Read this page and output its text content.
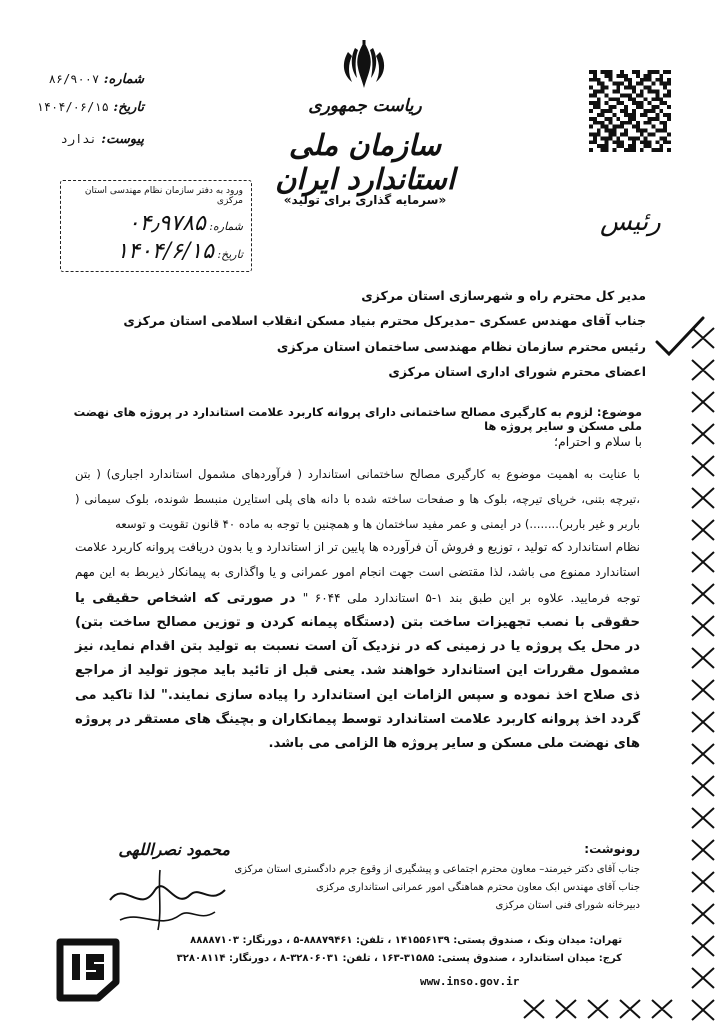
ریاست جمهوری
سازمان ملی استاندارد ایران
«سرمایه گذاری برای تولید»
شماره: ۸۶/۹۰۰۷
تاریخ: ۱۴۰۴/۰۶/۱۵
پیوست: ندارد
ورود به دفتر سازمان نظام مهندسی استان مرکزی
شماره: ۰۴٫۹۷۸۵
تاریخ: ۱۴۰۴/۶/۱۵
رئیس
مدیر کل محترم راه و شهرسازی استان مرکزی
جناب آقای مهندس عسکری –مدیرکل محترم بنیاد مسکن انقلاب اسلامی استان مرکزی
رئیس محترم سازمان نظام مهندسی ساختمان استان مرکزی
اعضای محترم شورای اداری استان مرکزی
موضوع: لزوم به کارگیری مصالح ساختمانی دارای پروانه کاربرد علامت استاندارد در پروژه های نهضت ملی مسکن و سایر پروژه ها
با سلام و احترام؛
با عنایت به اهمیت موضوع به کارگیری مصالح ساختمانی استاندارد ( فرآوردهای مشمول استاندارد اجباری) ( بتن ،تیرچه بتنی، خرپای تیرچه، بلوک ها و صفحات ساخته شده با دانه های پلی استایرن منبسط شونده، بلوک سیمانی ( باربر و غیر باربر)........) در ایمنی و عمر مفید ساختمان ها و همچنین با توجه به ماده ۴۰ قانون تقویت و توسعه
نظام استاندارد که تولید ، توزیع و فروش آن فرآورده ها پایین تر از استاندارد و یا بدون دریافت پروانه کاربرد علامت استاندارد ممنوع می باشد، لذا مقتضی است جهت انجام امور عمرانی و یا واگذاری به پیمانکار ذیربط به این مهم توجه فرمایید. علاوه بر این طبق بند ۱-۵ استاندارد ملی ۶۰۴۴ " در صورتی که اشخاص حقیقی یا حقوقی با نصب تجهیزات ساخت بتن (دستگاه پیمانه کردن و توزین مصالح ساخت بتن) در محل یک پروژه یا در زمینی که در نزدیک آن است نسبت به تولید بتن اقدام نماید، نیز مشمول مقررات این استاندارد خواهند شد. یعنی قبل از تائید باید مجوز تولید از مراجع ذی صلاح اخذ نموده و سپس الزامات این استاندارد را پیاده سازی نمایند." لذا تاکید می گردد اخذ پروانه کاربرد علامت استاندارد توسط پیمانکاران و بچینگ های مستقر در پروژه های نهضت ملی مسکن و سایر پروژه ها الزامی می باشد.
محمود نصراللهی	رونوشت:
جناب آقای دکتر خیرمند– معاون محترم اجتماعی و پیشگیری از وقوع جرم دادگستری استان مرکزی
جناب آقای مهندس ابک معاون محترم هماهنگی امور عمرانی استانداری مرکزی
دبیرخانه شورای فنی استان مرکزی
تهران: میدان ونک ، صندوق پستی: ۱۴۱۵۵۶۱۳۹ ، تلفن: ۸۸۸۷۹۴۶۱-۵ ، دورنگار: ۸۸۸۸۷۱۰۳
کرج: میدان استاندارد ، صندوق پستی: ۳۱۵۸۵-۱۶۳ ، تلفن: ۳۲۸۰۶۰۳۱-۸ ، دورنگار: ۳۲۸۰۸۱۱۴
www.inso.gov.ir
